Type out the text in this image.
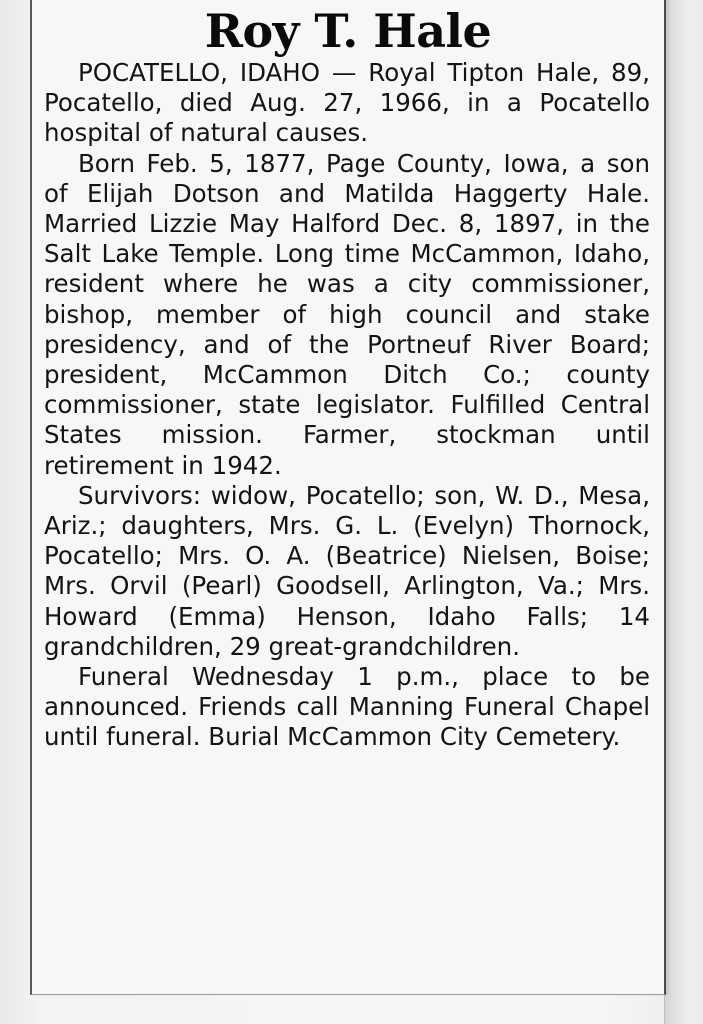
Roy T. Hale

POCATELLO, IDAHO — Royal Tipton Hale, 89, Pocatello, died Aug. 27, 1966, in a Pocatello hospital of natural causes.

Born Feb. 5, 1877, Page County, Iowa, a son of Elijah Dotson and Matilda Haggerty Hale. Married Lizzie May Halford Dec. 8, 1897, in the Salt Lake Temple. Long time McCammon, Idaho, resident where he was a city commissioner, bishop, member of high council and stake presidency, and of the Portneuf River Board; president, McCammon Ditch Co.; county commissioner, state legislator. Fulfilled Central States mission. Farmer, stockman until retirement in 1942.

Survivors: widow, Pocatello; son, W. D., Mesa, Ariz.; daughters, Mrs. G. L. (Evelyn) Thornock, Pocatello; Mrs. O. A. (Beatrice) Nielsen, Boise; Mrs. Orvil (Pearl) Goodsell, Arlington, Va.; Mrs. Howard (Emma) Henson, Idaho Falls; 14 grandchildren, 29 great-grandchildren.

Funeral Wednesday 1 p.m., place to be announced. Friends call Manning Funeral Chapel until funeral. Burial McCammon City Cemetery.
